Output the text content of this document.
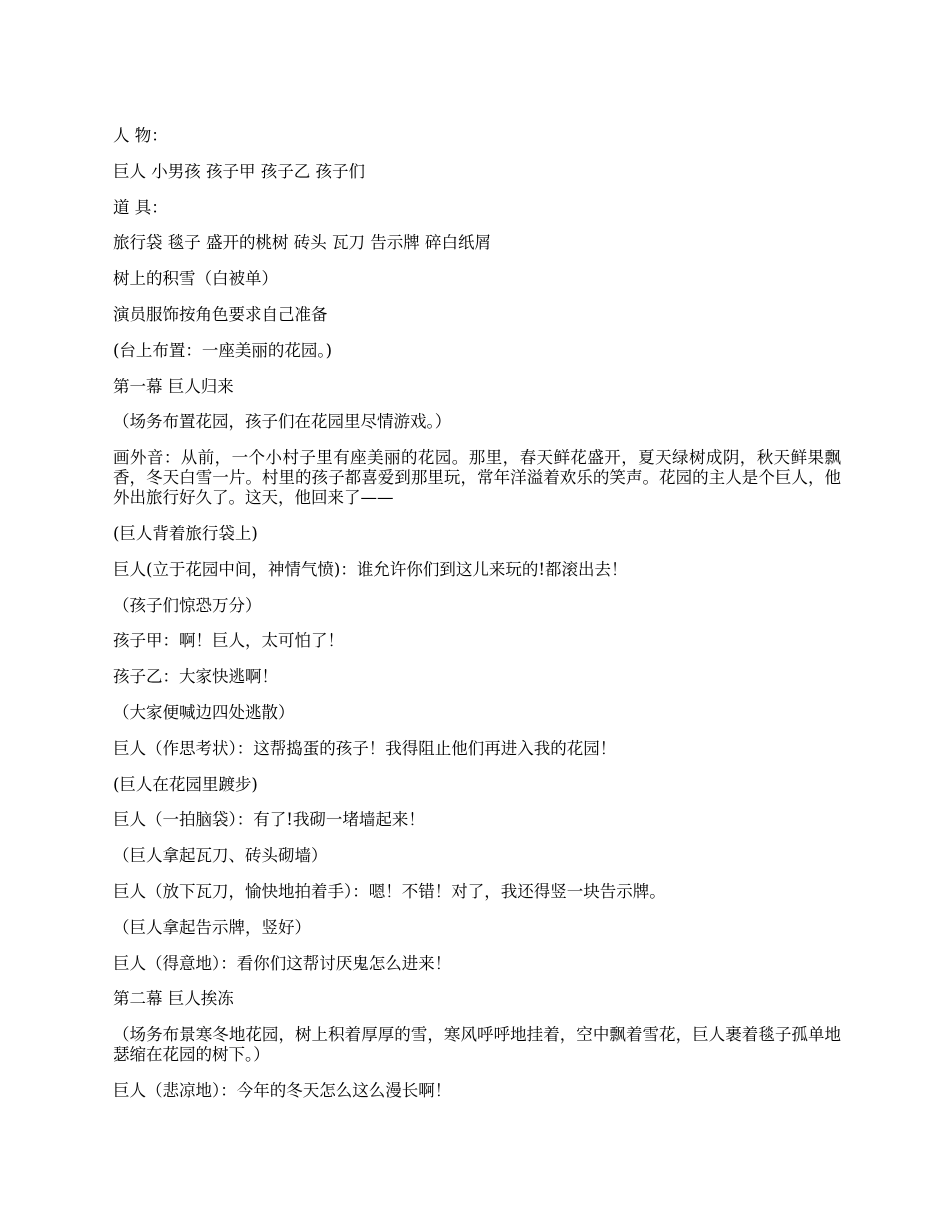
人 物：

巨人 小男孩 孩子甲 孩子乙 孩子们

道 具：

旅行袋 毯子 盛开的桃树 砖头 瓦刀 告示牌 碎白纸屑

树上的积雪（白被单）

演员服饰按角色要求自己准备

(台上布置：一座美丽的花园。)

第一幕 巨人归来

（场务布置花园，孩子们在花园里尽情游戏。）

画外音：从前，一个小村子里有座美丽的花园。那里，春天鲜花盛开，夏天绿树成阴，秋天鲜果飘香，冬天白雪一片。村里的孩子都喜爱到那里玩，常年洋溢着欢乐的笑声。花园的主人是个巨人，他外出旅行好久了。这天，他回来了——

(巨人背着旅行袋上)

巨人(立于花园中间，神情气愤)：谁允许你们到这儿来玩的!都滚出去！

（孩子们惊恐万分）

孩子甲：啊！巨人，太可怕了！

孩子乙：大家快逃啊！

（大家便喊边四处逃散）

巨人（作思考状）：这帮捣蛋的孩子！我得阻止他们再进入我的花园！

(巨人在花园里踱步)

巨人（一拍脑袋）：有了!我砌一堵墙起来！

（巨人拿起瓦刀、砖头砌墙）

巨人（放下瓦刀，愉快地拍着手）：嗯！不错！对了，我还得竖一块告示牌。

（巨人拿起告示牌，竖好）

巨人（得意地）：看你们这帮讨厌鬼怎么进来！

第二幕 巨人挨冻

（场务布景寒冬地花园，树上积着厚厚的雪，寒风呼呼地挂着，空中飘着雪花，巨人裹着毯子孤单地瑟缩在花园的树下。）

巨人（悲凉地）：今年的冬天怎么这么漫长啊！
